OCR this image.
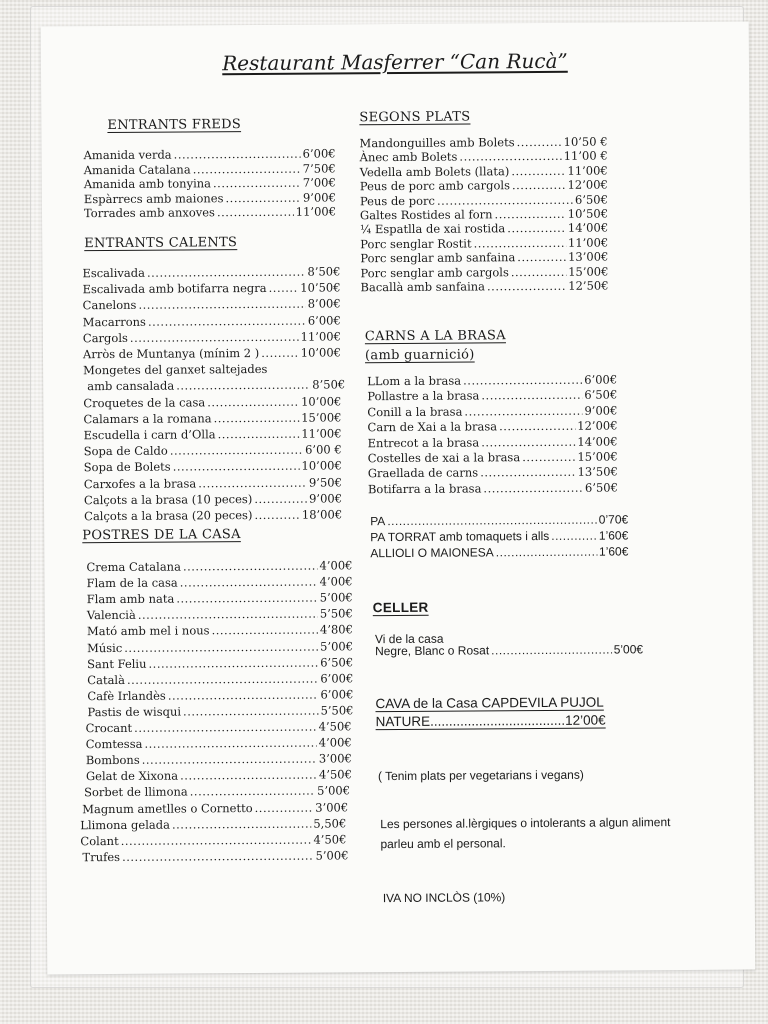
Restaurant Masferrer “Can Rucà”
ENTRANTS FREDS
Amanida verda .....	6’00€
Amanida Catalana .....	7’50€
Amanida amb tonyina .....	7’00€
Espàrrecs amb maiones .....	9’00€
Torrades amb anxoves .....	11’00€
ENTRANTS CALENTS
Escalivada .....	8’50€
Escalivada amb botifarra negra .....	10’50€
Canelons .....	8’00€
Macarrons .....	6’00€
Cargols .....	11’00€
Arròs de Muntanya (mínim 2 ) .....	10’00€
Mongetes del ganxet saltejades
amb cansalada .....	8’50€
Croquetes de la casa .....	10’00€
Calamars a la romana .....	15’00€
Escudella i carn d’Olla .....	11’00€
Sopa de Caldo .....	6’00 €
Sopa de Bolets .....	10’00€
Carxofes a la brasa .....	9’50€
Calçots a la brasa (10 peces) .....	9’00€
Calçots a la brasa (20 peces) .....	18’00€
POSTRES DE LA CASA
Crema Catalana .....	4’00€
Flam de la casa .....	4’00€
Flam amb nata .....	5’00€
Valencià .....	5’50€
Mató amb mel i nous .....	4’80€
Músic .....	5’00€
Sant Feliu .....	6’50€
Català .....	6’00€
Cafè Irlandès .....	6’00€
Pastis de wisqui .....	5’50€
Crocant .....	4’50€
Comtessa .....	4’00€
Bombons .....	3’00€
Gelat de Xixona .....	4’50€
Sorbet de llimona .....	5’00€
Magnum ametlles o Cornetto .....	3’00€
Llimona gelada .....	5,50€
Colant .....	4’50€
Trufes .....	5’00€
SEGONS PLATS
Mandonguilles amb Bolets .....	10’50 €
Ànec amb Bolets .....	11’00 €
Vedella amb Bolets (llata) .....	11’00€
Peus de porc amb cargols .....	12’00€
Peus de porc .....	6’50€
Galtes Rostides al forn .....	10’50€
¼ Espatlla de xai rostida .....	14’00€
Porc senglar Rostit .....	11’00€
Porc senglar amb sanfaina .....	13’00€
Porc senglar amb cargols .....	15’00€
Bacallà amb sanfaina .....	12’50€
CARNS A LA BRASA
(amb guarnició)
LLom a la brasa .....	6’00€
Pollastre a la brasa .....	6’50€
Conill a la brasa .....	9’00€
Carn de Xai a la brasa .....	12’00€
Entrecot a la brasa .....	14’00€
Costelles de xai a la brasa .....	15’00€
Graellada de carns .....	13’50€
Botifarra a la brasa .....	6’50€
PA .....	0’70€
PA TORRAT amb tomaquets i alls .....	1’60€
ALLIOLI O MAIONESA .....	1’60€
CELLER
Vi de la casa
Negre, Blanc o Rosat .....	5’00€
CAVA de la Casa CAPDEVILA PUJOL
NATURE....................................12’00€
( Tenim plats per vegetarians i vegans)
Les persones al.lèrgiques o intolerants a algun aliment
parleu amb el personal.
IVA NO INCLÒS (10%)
